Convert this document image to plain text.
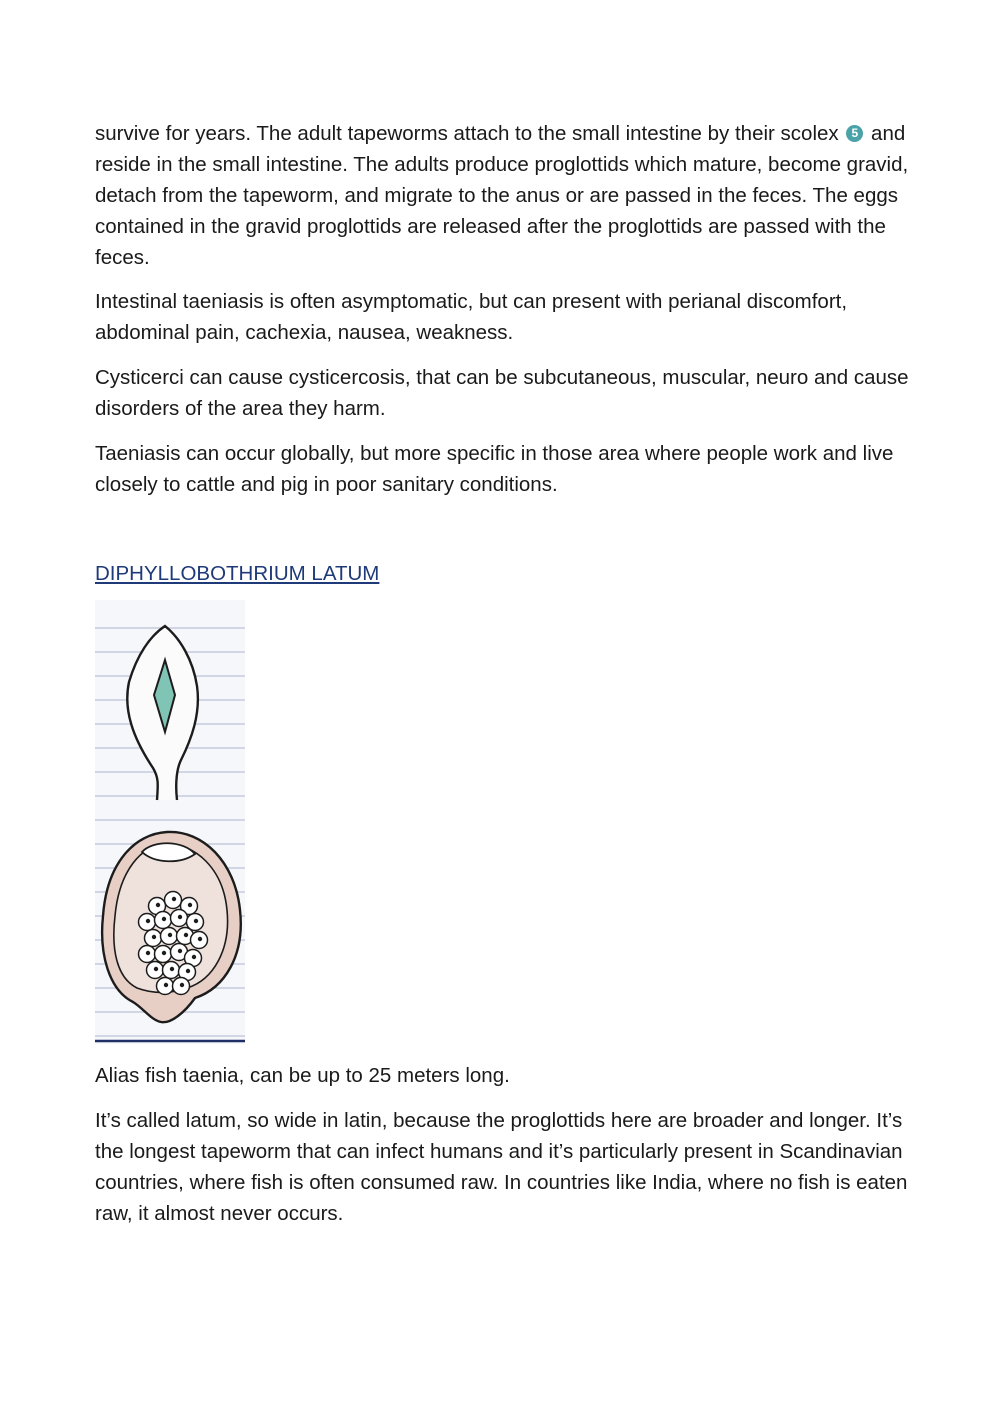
survive for years. The adult tapeworms attach to the small intestine by their scolex 5 and reside in the small intestine. The adults produce proglottids which mature, become gravid, detach from the tapeworm, and migrate to the anus or are passed in the feces. The eggs contained in the gravid proglottids are released after the proglottids are passed with the feces.

Intestinal taeniasis is often asymptomatic, but can present with perianal discomfort, abdominal pain, cachexia, nausea, weakness.

Cysticerci can cause cysticercosis, that can be subcutaneous, muscular, neuro and cause disorders of the area they harm.

Taeniasis can occur globally, but more specific in those area where people work and live closely to cattle and pig in poor sanitary conditions.

DIPHYLLOBOTHRIUM LATUM

Alias fish taenia, can be up to 25 meters long.

It’s called latum, so wide in latin, because the proglottids here are broader and longer. It’s the longest tapeworm that can infect humans and it’s particularly present in Scandinavian countries, where fish is often consumed raw. In countries like India, where no fish is eaten raw, it almost never occurs.
